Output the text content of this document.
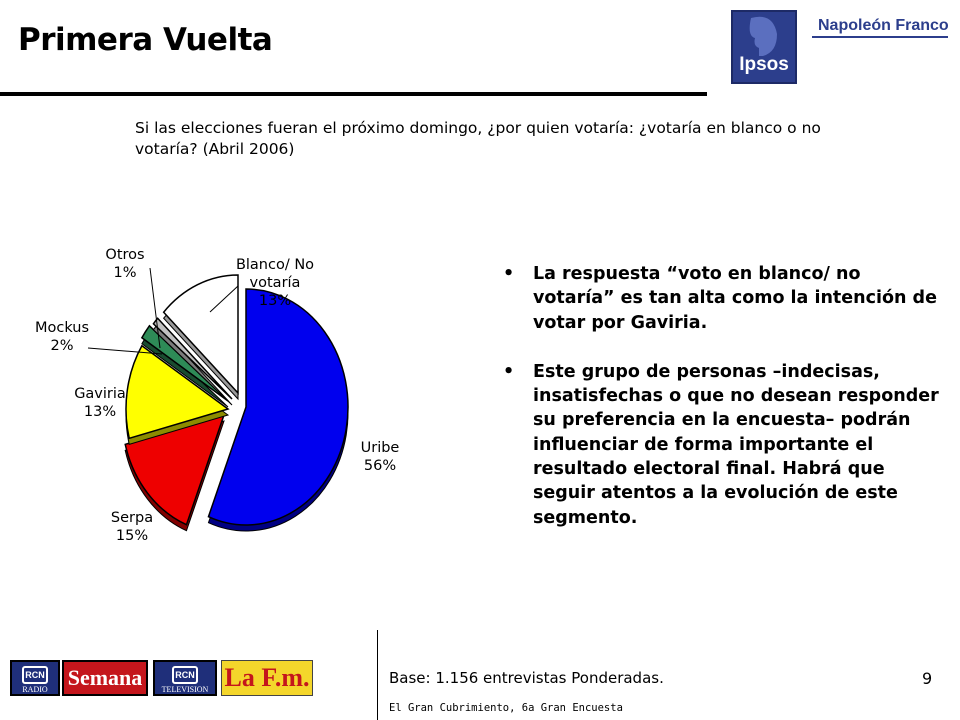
Primera Vuelta
Ipsos
Napoleón Franco
Si las elecciones fueran el próximo domingo, ¿por quien votaría: ¿votaría en blanco o no votaría? (Abril 2006)
Uribe
56%
Serpa
15%
Gaviria
13%
Mockus
2%
Otros
1%	Blanco/ No
votaría
13%
• La respuesta “voto en blanco/ no votaría” es tan alta como la intención de votar por Gaviria.
• Este grupo de personas –indecisas, insatisfechas o que no desean responder su preferencia en la encuesta– podrán influenciar de forma importante el resultado electoral final. Habrá que seguir atentos a la evolución de este segmento.
Base: 1.156 entrevistas Ponderadas.
El Gran Cubrimiento, 6a Gran Encuesta
9
RCN
RADIO Semana	RCN
TELEVISION La F.m.
